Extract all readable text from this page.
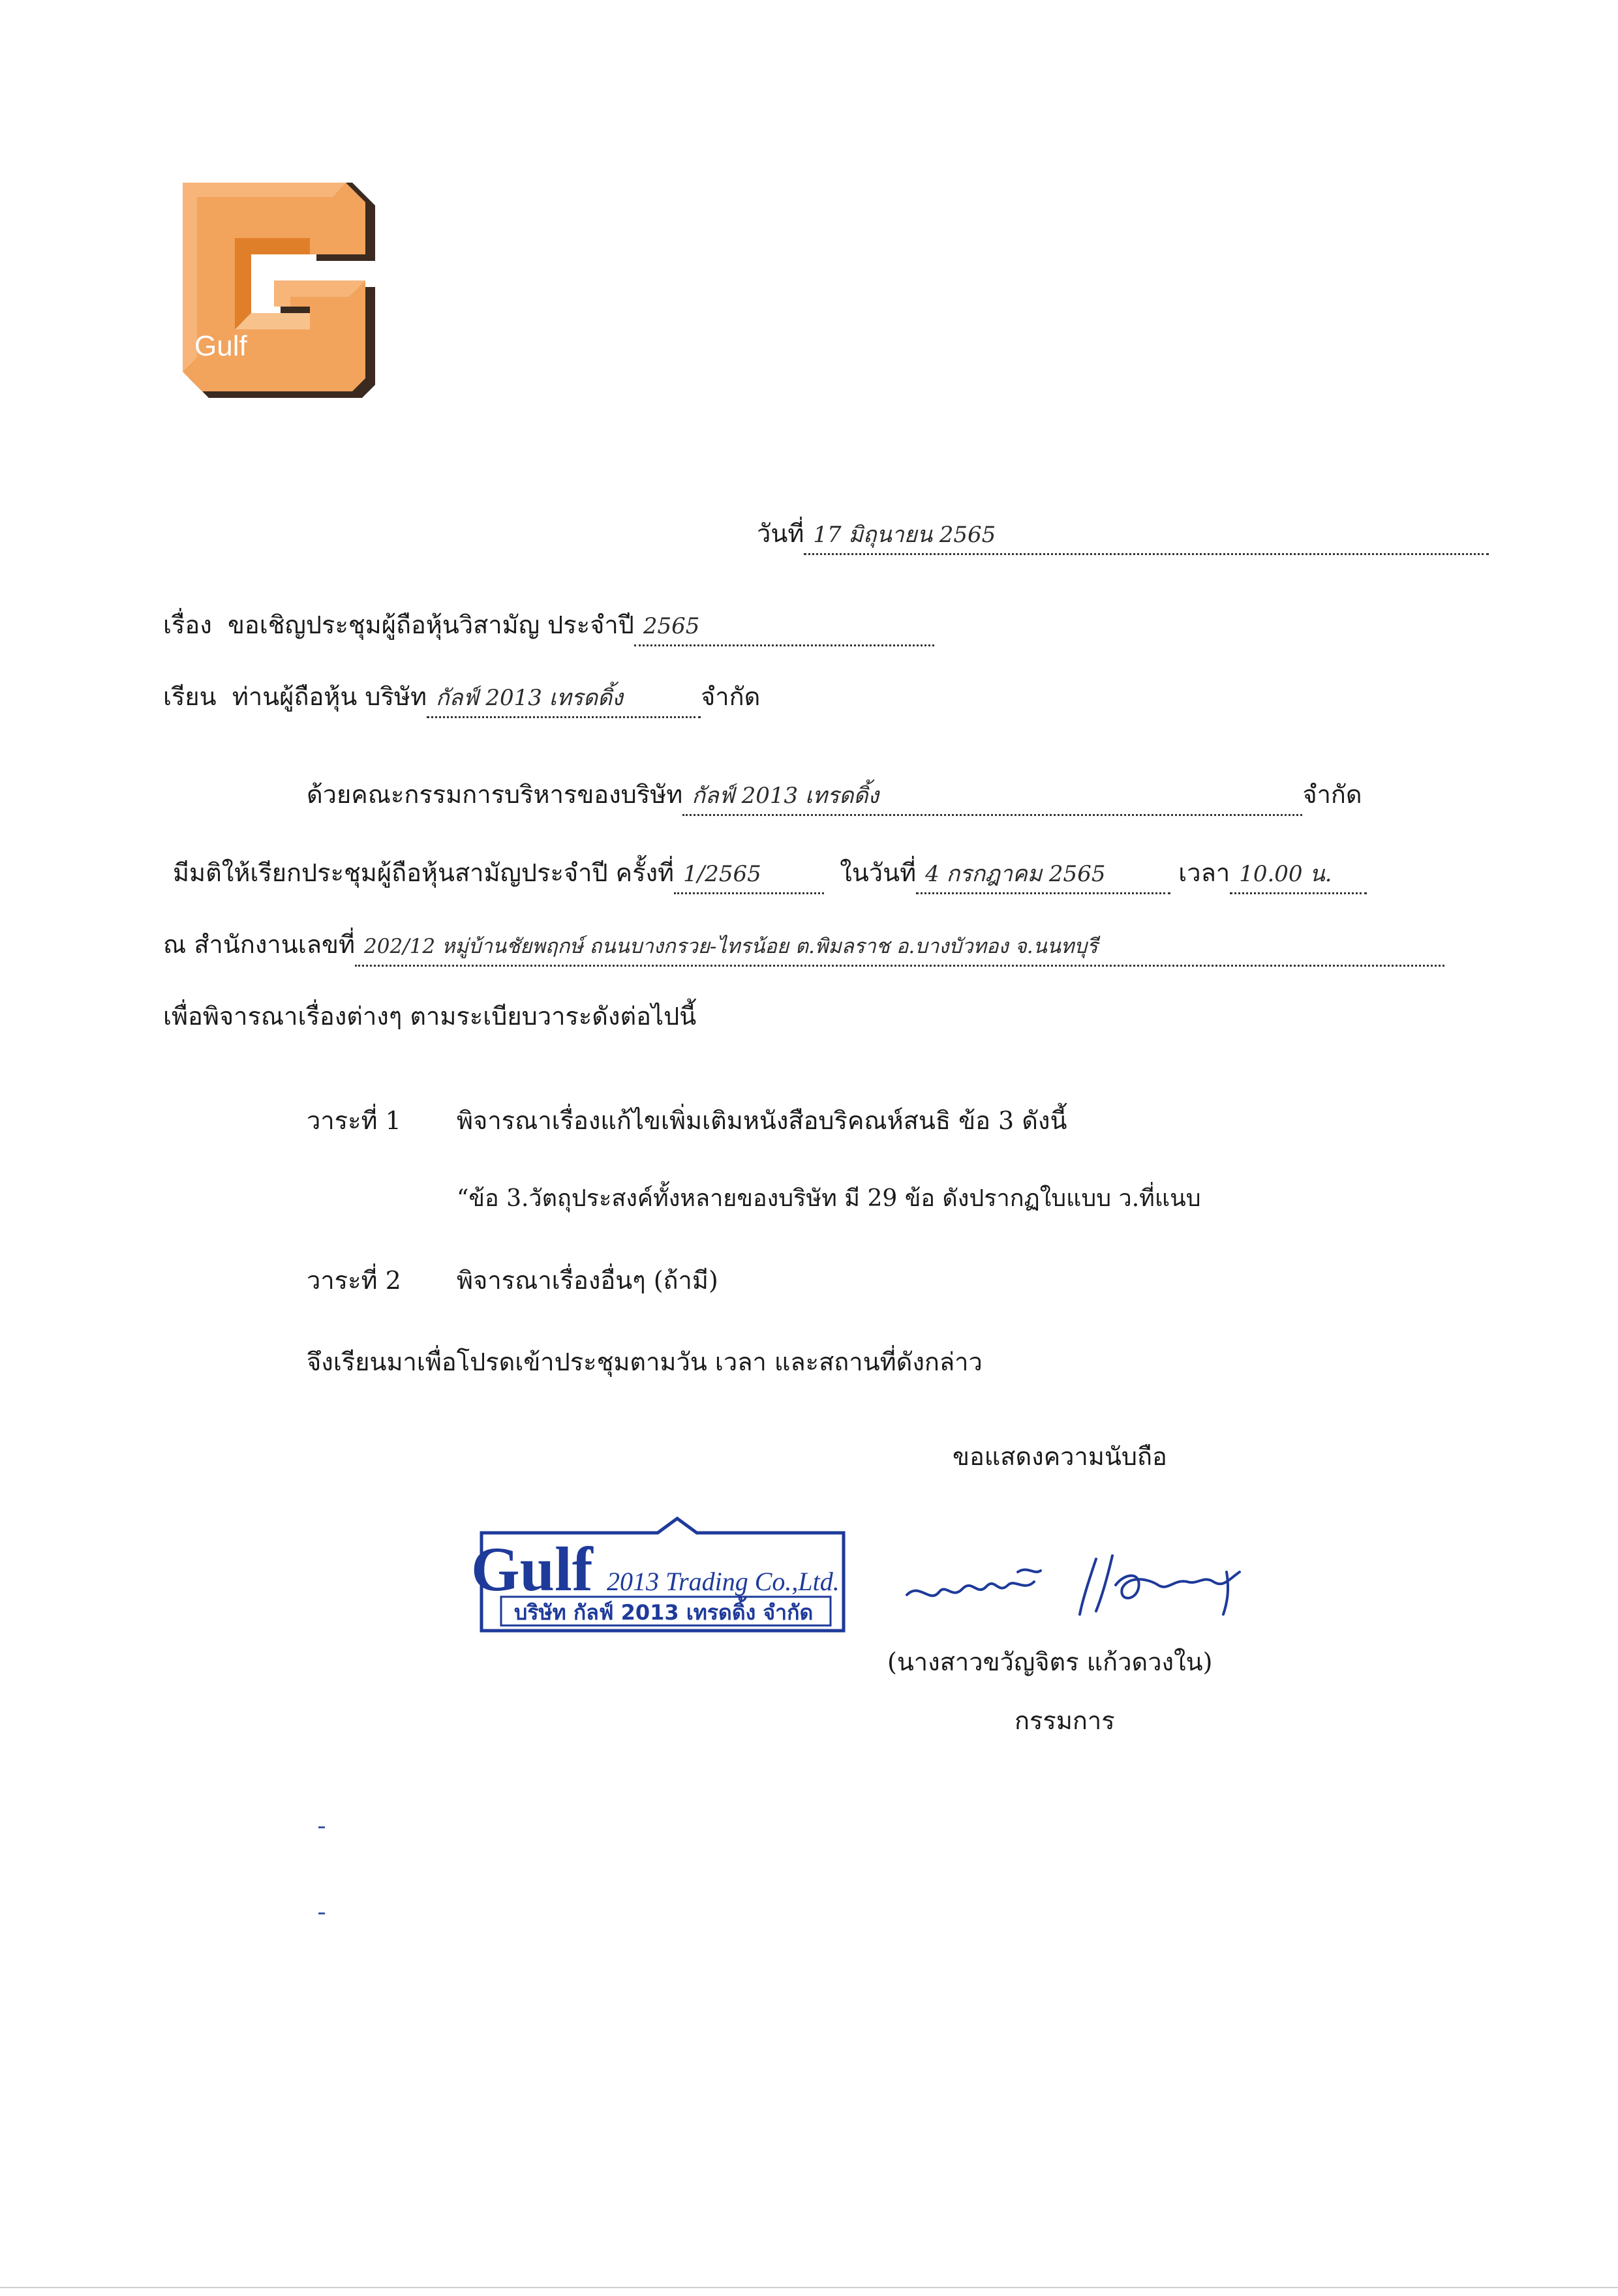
Gulf
วันที่ 17 มิถุนายน 2565
เรื่อง ขอเชิญประชุมผู้ถือหุ้นวิสามัญ ประจำปี 2565
เรียน ท่านผู้ถือหุ้น บริษัท กัลฟ์ 2013 เทรดดิ้ง	จำกัด
ด้วยคณะกรรมการบริหารของบริษัท กัลฟ์ 2013 เทรดดิ้ง	จำกัด
มีมติให้เรียกประชุมผู้ถือหุ้นสามัญประจำปี ครั้งที่ 1/2565	ในวันที่ 4 กรกฎาคม 2565	เวลา 10.00 น.
ณ สำนักงานเลขที่ 202/12 หมู่บ้านชัยพฤกษ์ ถนนบางกรวย-ไทรน้อย ต.พิมลราช อ.บางบัวทอง จ.นนทบุรี
เพื่อพิจารณาเรื่องต่างๆ ตามระเบียบวาระดังต่อไปนี้
วาระที่ 1 พิจารณาเรื่องแก้ไขเพิ่มเติมหนังสือบริคณห์สนธิ ข้อ 3 ดังนี้
“ข้อ 3.วัตถุประสงค์ทั้งหลายของบริษัท มี 29 ข้อ ดังปรากฏใบแบบ ว.ที่แนบ
วาระที่ 2 พิจารณาเรื่องอื่นๆ (ถ้ามี)
จึงเรียนมาเพื่อโปรดเข้าประชุมตามวัน เวลา และสถานที่ดังกล่าว
ขอแสดงความนับถือ
Gulf 2013 Trading Co.,Ltd.
บริษัท กัลฟ์ 2013 เทรดดิ้ง จำกัด
(นางสาวขวัญจิตร แก้วดวงใน)
กรรมการ
